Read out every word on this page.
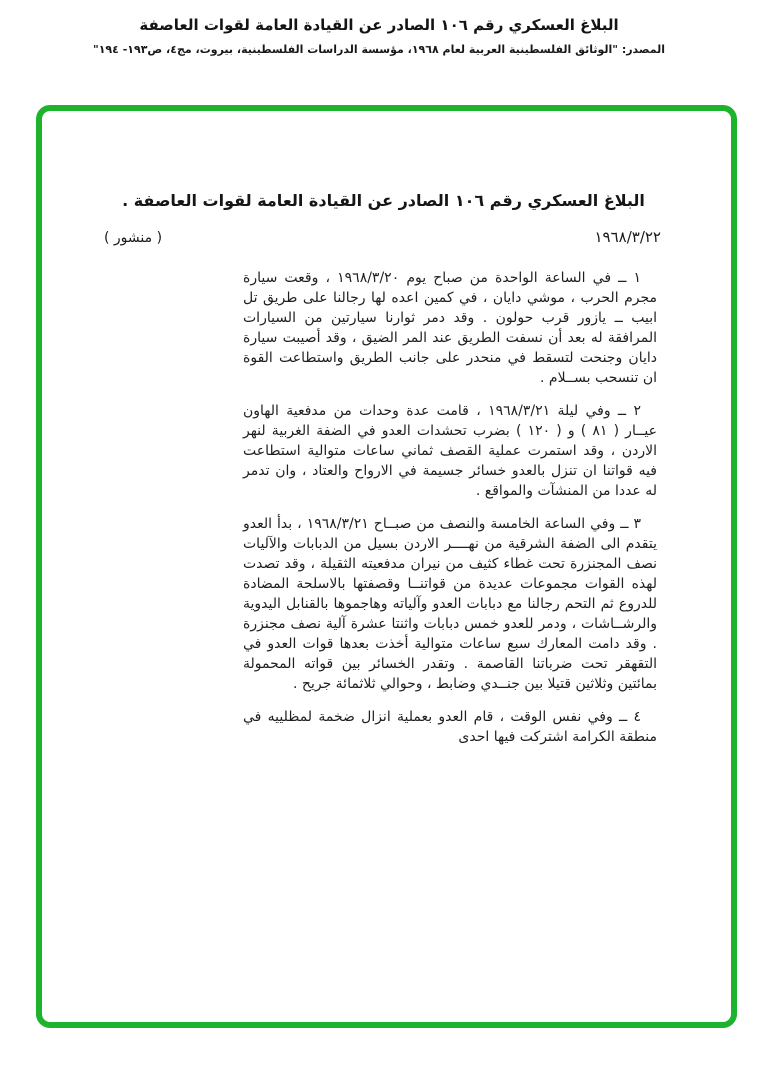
البلاغ العسكري رقم ١٠٦ الصادر عن القيادة العامة لقوات العاصفة
المصدر: "الوثائق الفلسطينية العربية لعام ١٩٦٨، مؤسسة الدراسات الفلسطينية، بيروت، مج٤، ص١٩٣- ١٩٤"
البلاغ العسكري رقم ١٠٦ الصادر عن القيادة العامة لقوات العاصفة .
١٩٦٨/٣/٢٢
( منشور )

١ ــ في الساعة الواحدة من صباح يوم ١٩٦٨/٣/٢٠ ، وقعت سيارة مجرم الحرب ، موشي دايان ، في كمين اعده لها رجالنا على طريق تل ابيب ــ يازور قرب حولون . وقد دمر ثوارنا سيارتين من السيارات المرافقة له بعد أن نسفت الطريق عند المر الضيق ، وقد أصيبت سيارة دايان وجنحت لتسقط في منحدر على جانب الطريق واستطاعت القوة ان تنسحب بســلام .

٢ ــ وفي ليلة ١٩٦٨/٣/٢١ ، قامت عدة وحدات من مدفعية الهاون عيــار ( ٨١ ) و ( ١٢٠ ) بضرب تحشدات العدو في الضفة الغربية لنهر الاردن ، وقد استمرت عملية القصف ثماني ساعات متوالية استطاعت فيه قواتنا ان تنزل بالعدو خسائر جسيمة في الارواح والعتاد ، وان تدمر له عددا من المنشآت والمواقع .

٣ ــ وفي الساعة الخامسة والنصف من صبــاح ١٩٦٨/٣/٢١ ، بدأ العدو يتقدم الى الضفة الشرقية من نهــــر الاردن بسيل من الدبابات والآليات نصف المجنزرة تحت غطاء كثيف من نيران مدفعيته الثقيلة ، وقد تصدت لهذه القوات مجموعات عديدة من قواتنــا وقصفتها بالاسلحة المضادة للدروع ثم التحم رجالنا مع دبابات العدو وآلياته وهاجموها بالقنابل اليدوية والرشــاشات ، ودمر للعدو خمس دبابات واثنتا عشرة آلية نصف مجنزرة . وقد دامت المعارك سبع ساعات متوالية أخذت بعدها قوات العدو في التقهقر تحت ضرباتنا القاصمة . وتقدر الخسائر بين قواته المحمولة بمائتين وثلاثين قتيلا بين جنــدي وضابط ، وحوالي ثلاثمائة جريح .

٤ ــ وفي نفس الوقت ، قام العدو بعملية انزال ضخمة لمظلييه في منطقة الكرامة اشتركت فيها احدى
